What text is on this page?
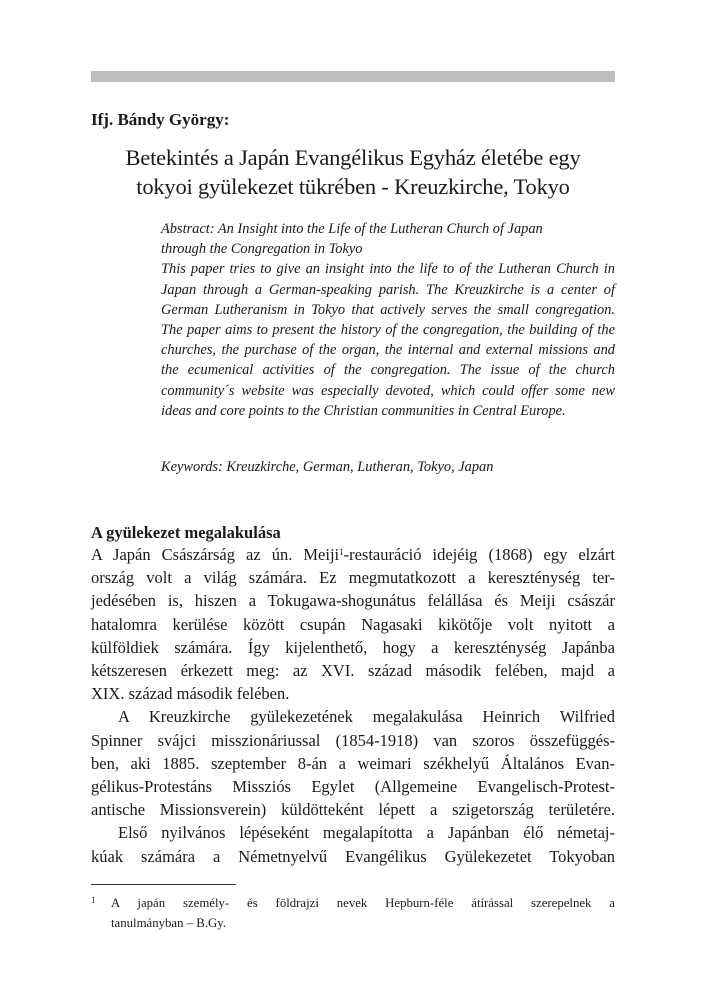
Ifj. Bándy György:
Betekintés a Japán Evangélikus Egyház életébe egy
tokyoi gyülekezet tükrében - Kreuzkirche, Tokyo

Abstract: An Insight into the Life of the Lutheran Church of Japan

through the Congregation in Tokyo

This paper tries to give an insight into the life to of the Lutheran Church in Japan through a German-speaking parish. The Kreuzkirche is a center of German Lutheranism in Tokyo that actively serves the small congregation. The paper aims to present the history of the congregation, the building of the churches, the purchase of the organ, the internal and external missions and the ecumenical activities of the congregation. The issue of the church community´s website was especially devoted, which could offer some new ideas and core points to the Christian communities in Central Europe.

Keywords: Kreuzkirche, German, Lutheran, Tokyo, Japan
A gyülekezet megalakulása
A Japán Császárság az ún. Meiji$^1$-restauráció idejéig (1868) egy elzárt
ország volt a világ számára. Ez megmutatkozott a kereszténység ter-
jedésében is, hiszen a Tokugawa-shogunátus felállása és Meiji császár
hatalomra kerülése között csupán Nagasaki kikötője volt nyitott a
külföldiek számára. Így kijelenthető, hogy a kereszténység Japánba
kétszeresen érkezett meg: az XVI. század második felében, majd a
XIX. század második felében.
A Kreuzkirche gyülekezetének megalakulása Heinrich Wilfried
Spinner svájci misszionáriussal (1854-1918) van szoros összefüggés-
ben, aki 1885. szeptember 8-án a weimari székhelyű Általános Evan-
gélikus-Protestáns Missziós Egylet (Allgemeine Evangelisch-Protest-
antische Missionsverein) küldötteként lépett a szigetország területére.
Első nyilvános lépéseként megalapította a Japánban élő németaj-
kúak számára a Németnyelvű Evangélikus Gyülekezetet Tokyoban
1	A japán személy- és földrajzi nevek Hepburn-féle átírással szerepelnek a
tanulmányban – B.Gy.
